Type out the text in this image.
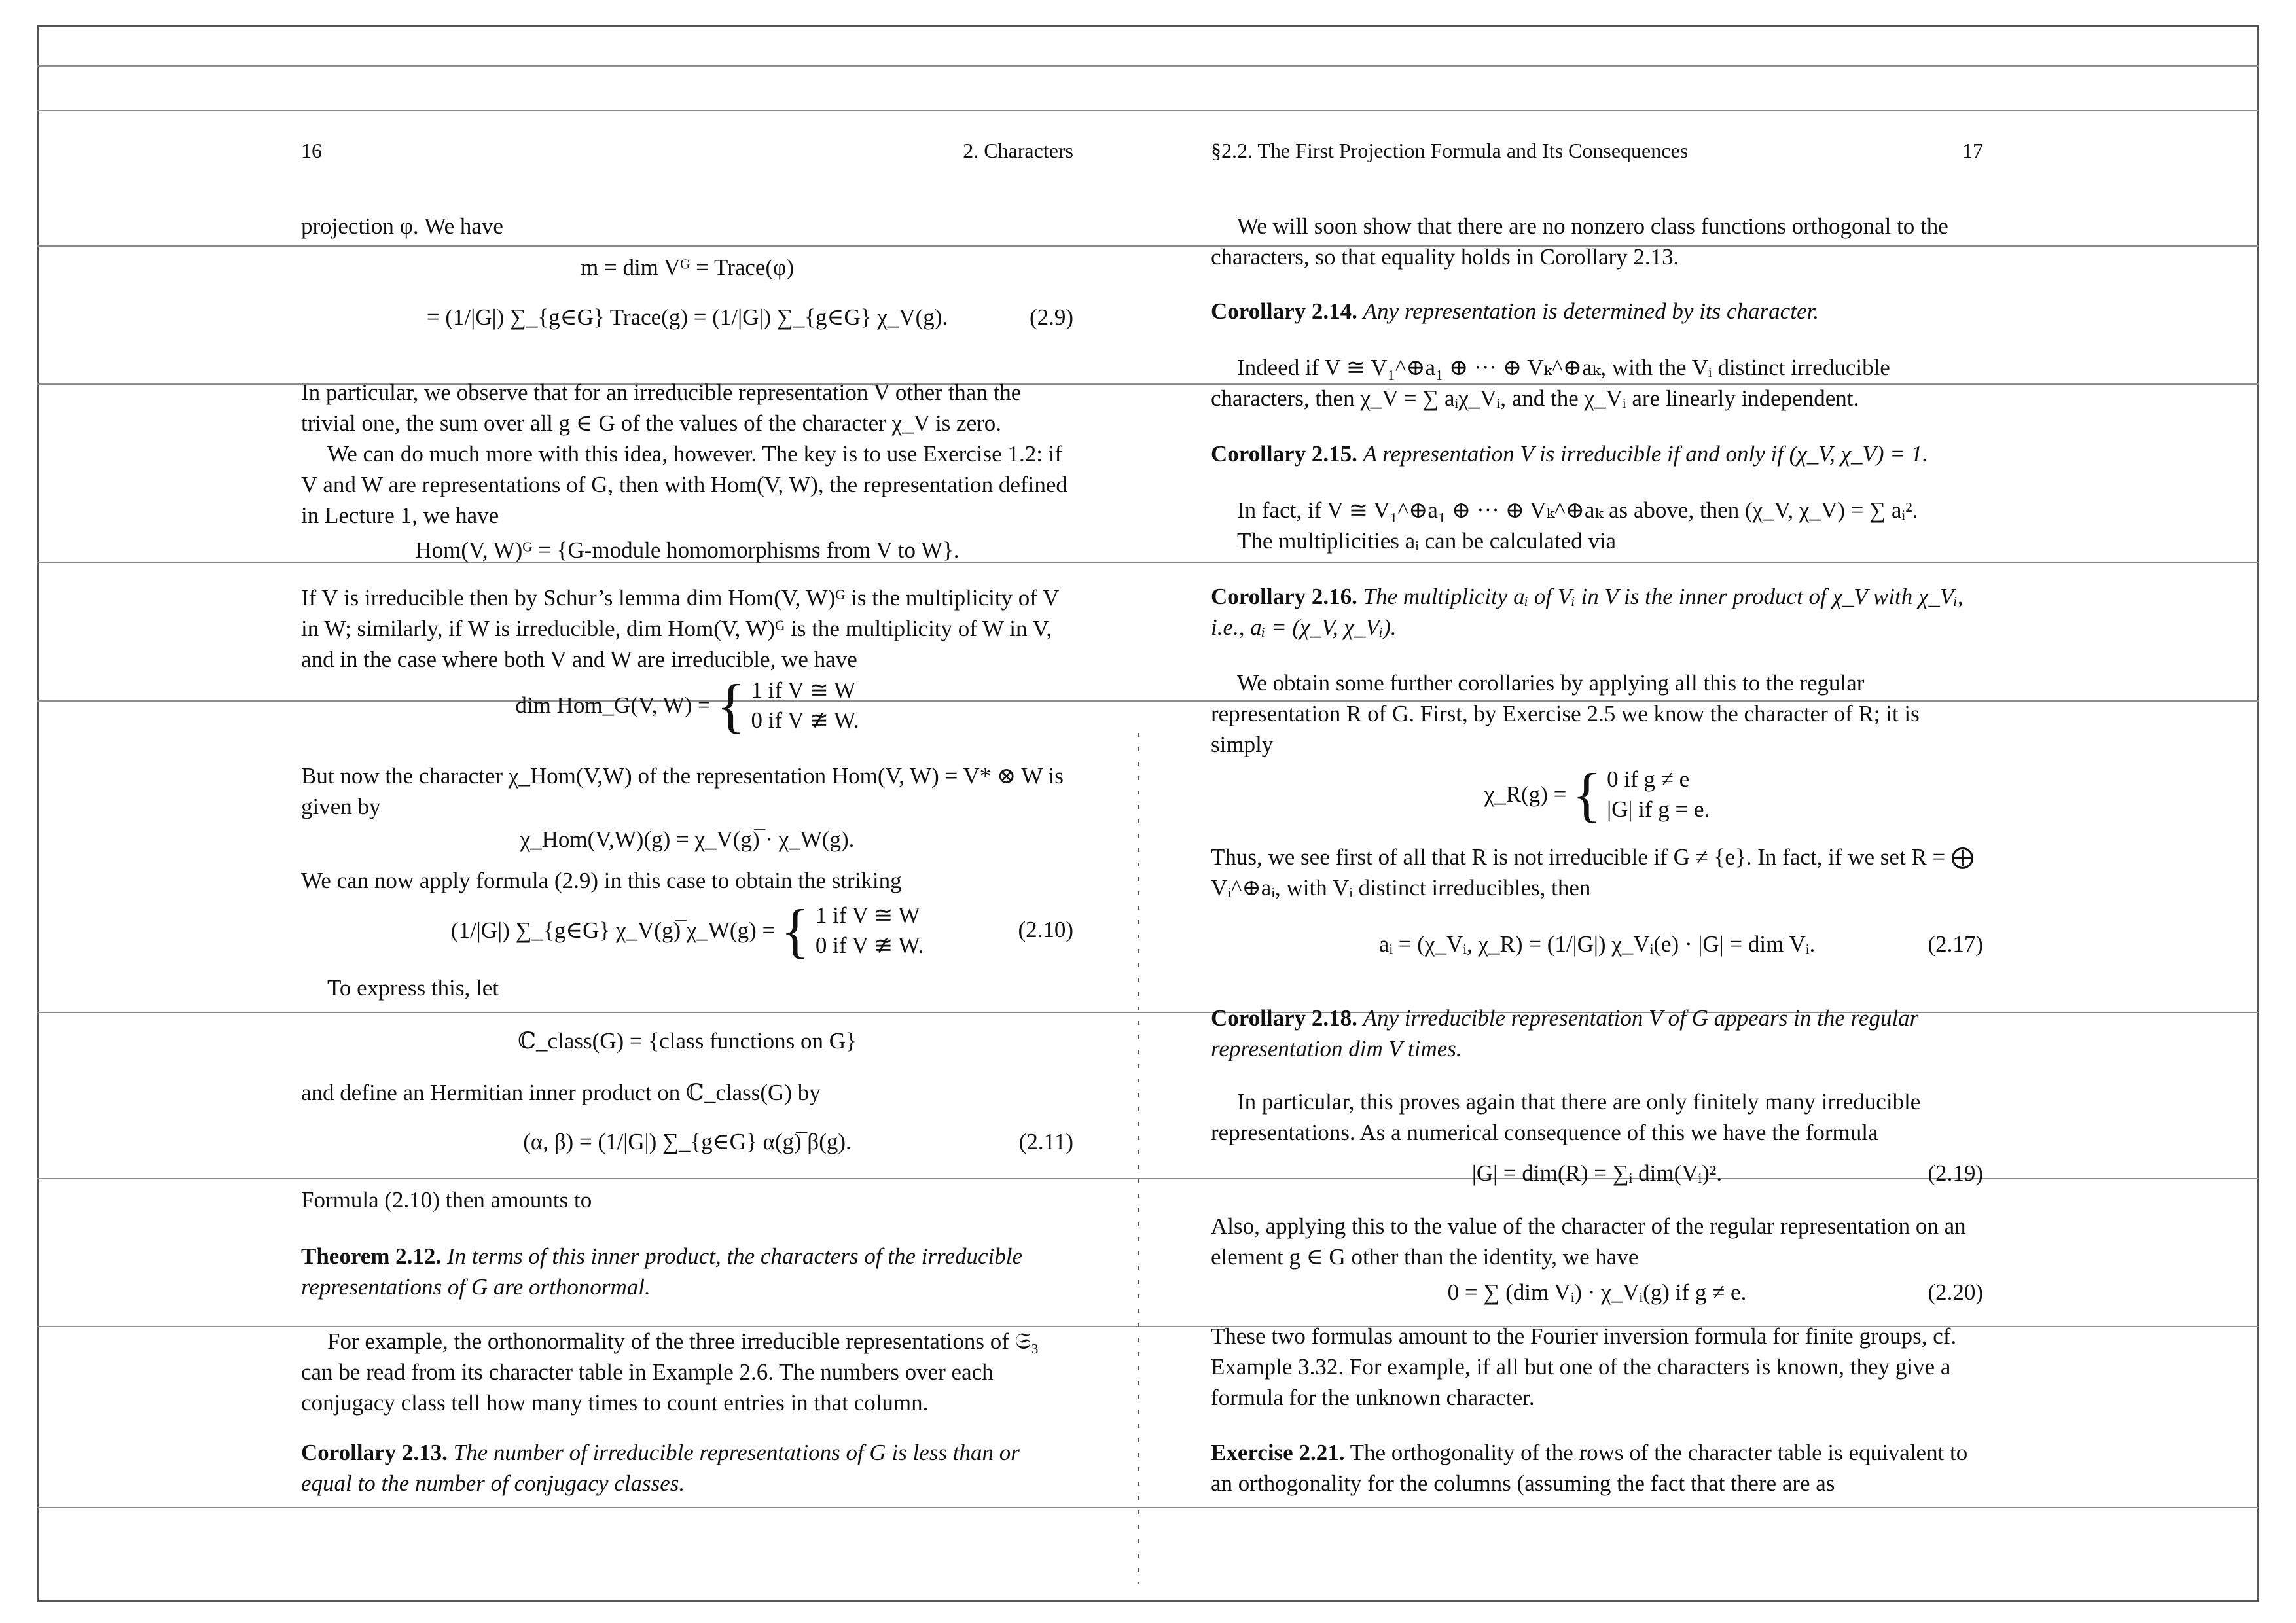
16	2. Characters
projection φ. We have
m = dim Vᴳ = Trace(φ)
= (1/|G|) ∑_{g∈G} Trace(g) = (1/|G|) ∑_{g∈G} χ_V(g).	(2.9)
In particular, we observe that for an irreducible representation V other than the trivial one, the sum over all g ∈ G of the values of the character χ_V is zero.
We can do much more with this idea, however. The key is to use Exercise 1.2: if V and W are representations of G, then with Hom(V, W), the representation defined in Lecture 1, we have
Hom(V, W)ᴳ = {G-module homomorphisms from V to W}.
If V is irreducible then by Schur’s lemma dim Hom(V, W)ᴳ is the multiplicity of V in W; similarly, if W is irreducible, dim Hom(V, W)ᴳ is the multiplicity of W in V, and in the case where both V and W are irreducible, we have
dim Hom_G(V, W) = { 1 if V ≅ W
0 if V ≇ W.
But now the character χ_Hom(V,W) of the representation Hom(V, W) = V* ⊗ W is given by
χ_Hom(V,W)(g) = χ_V(g)̅ · χ_W(g).
We can now apply formula (2.9) in this case to obtain the striking
(1/|G|) ∑_{g∈G} χ_V(g)̅ χ_W(g) = { 1 if V ≅ W
0 if V ≇ W.
(2.10)
To express this, let
ℂ_class(G) = {class functions on G}
and define an Hermitian inner product on ℂ_class(G) by
(α, β) = (1/|G|) ∑_{g∈G} α(g)̅ β(g).	(2.11)
Formula (2.10) then amounts to
Theorem 2.12. In terms of this inner product, the characters of the irreducible representations of G are orthonormal.
For example, the orthonormality of the three irreducible representations of 𝔖₃ can be read from its character table in Example 2.6. The numbers over each conjugacy class tell how many times to count entries in that column.
Corollary 2.13. The number of irreducible representations of G is less than or equal to the number of conjugacy classes.
§2.2. The First Projection Formula and Its Consequences	17
We will soon show that there are no nonzero class functions orthogonal to the characters, so that equality holds in Corollary 2.13.
Corollary 2.14. Any representation is determined by its character.
Indeed if V ≅ V₁^⊕a₁ ⊕ ··· ⊕ Vₖ^⊕aₖ, with the Vᵢ distinct irreducible characters, then χ_V = ∑ aᵢχ_Vᵢ, and the χ_Vᵢ are linearly independent.
Corollary 2.15. A representation V is irreducible if and only if (χ_V, χ_V) = 1.
In fact, if V ≅ V₁^⊕a₁ ⊕ ··· ⊕ Vₖ^⊕aₖ as above, then (χ_V, χ_V) = ∑ aᵢ².
The multiplicities aᵢ can be calculated via
Corollary 2.16. The multiplicity aᵢ of Vᵢ in V is the inner product of χ_V with χ_Vᵢ, i.e., aᵢ = (χ_V, χ_Vᵢ).
We obtain some further corollaries by applying all this to the regular representation R of G. First, by Exercise 2.5 we know the character of R; it is simply
χ_R(g) = { 0 if g ≠ e
|G| if g = e.
Thus, we see first of all that R is not irreducible if G ≠ {e}. In fact, if we set R = ⨁ Vᵢ^⊕aᵢ, with Vᵢ distinct irreducibles, then
aᵢ = (χ_Vᵢ, χ_R) = (1/|G|) χ_Vᵢ(e) · |G| = dim Vᵢ.	(2.17)
Corollary 2.18. Any irreducible representation V of G appears in the regular representation dim V times.
In particular, this proves again that there are only finitely many irreducible representations. As a numerical consequence of this we have the formula
|G| = dim(R) = ∑ᵢ dim(Vᵢ)².	(2.19)
Also, applying this to the value of the character of the regular representation on an element g ∈ G other than the identity, we have
0 = ∑ (dim Vᵢ) · χ_Vᵢ(g) if g ≠ e.	(2.20)
These two formulas amount to the Fourier inversion formula for finite groups, cf. Example 3.32. For example, if all but one of the characters is known, they give a formula for the unknown character.
Exercise 2.21. The orthogonality of the rows of the character table is equivalent to an orthogonality for the columns (assuming the fact that there are as
